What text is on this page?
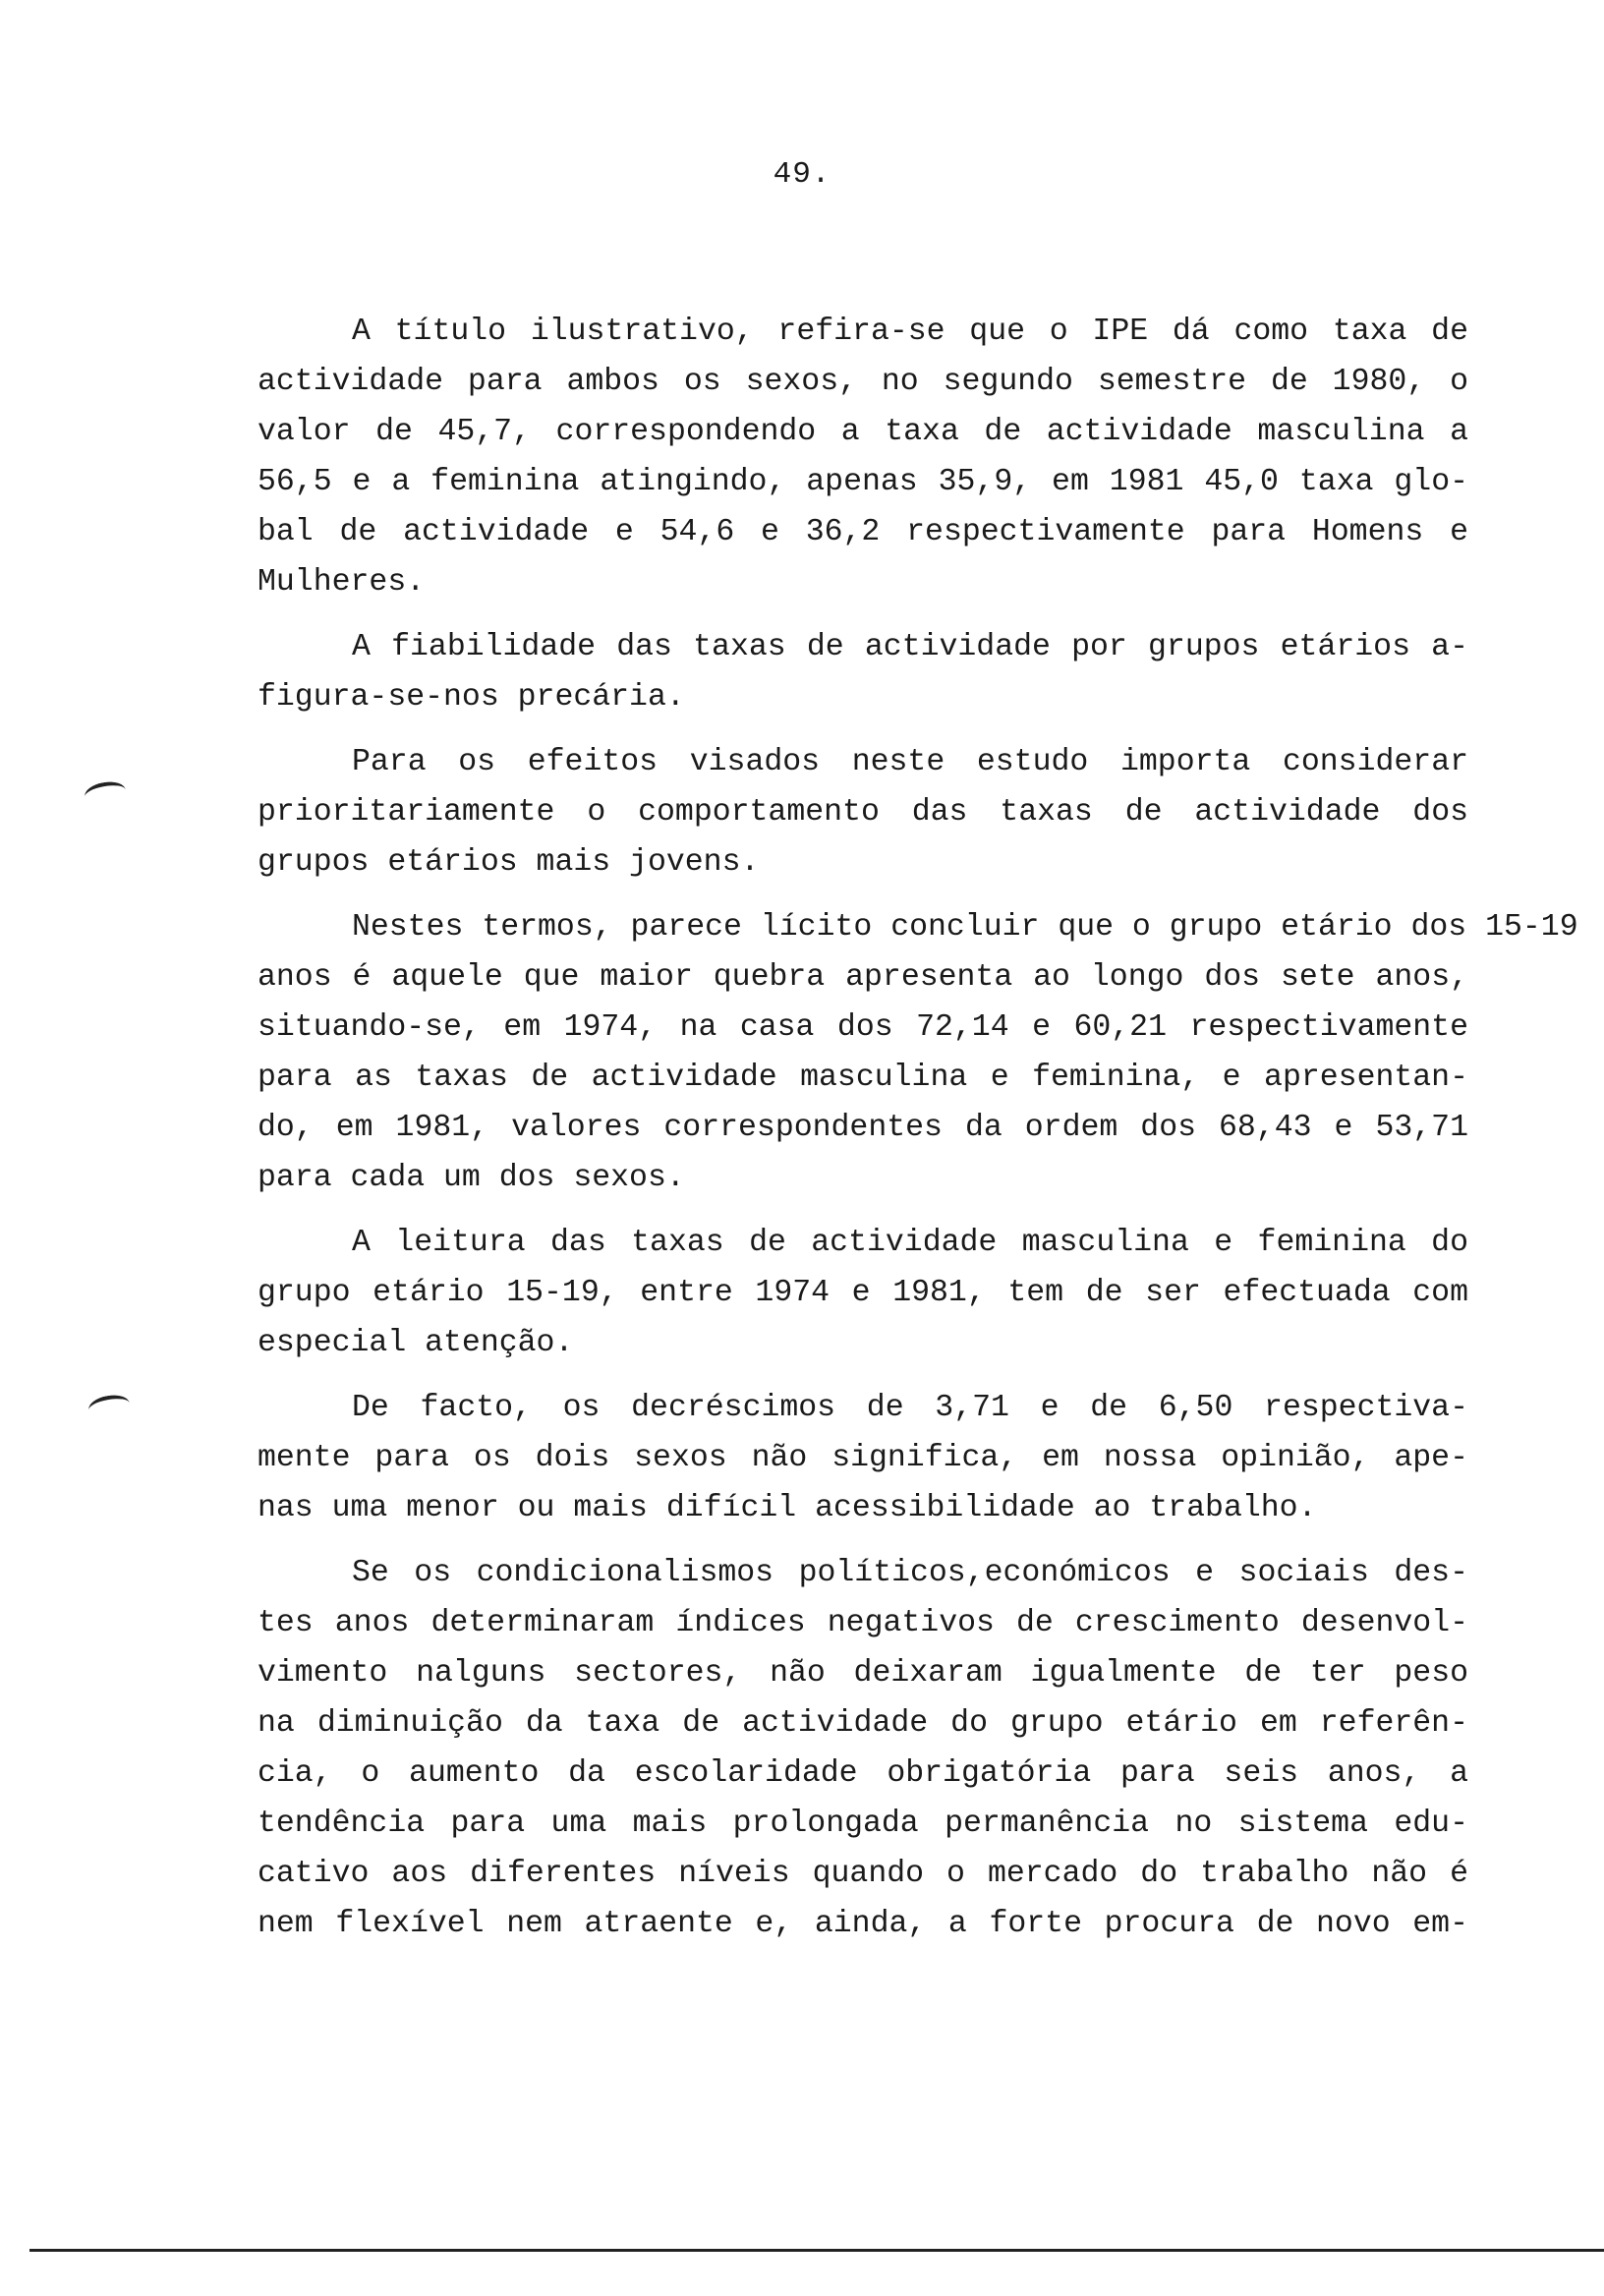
49.

A título ilustrativo, refira-se que o IPE dá como taxa de
actividade para ambos os sexos, no segundo semestre de 1980, o
valor de 45,7, correspondendo a taxa de actividade masculina a
56,5 e a feminina atingindo, apenas 35,9, em 1981 45,0 taxa glo-
bal de actividade e 54,6 e 36,2 respectivamente para Homens e
Mulheres.

A fiabilidade das taxas de actividade por grupos etários a-
figura-se-nos precária.

Para os efeitos visados neste estudo importa considerar
prioritariamente o comportamento das taxas de actividade dos
grupos etários mais jovens.

Nestes termos, parece lícito concluir que o grupo etário dos 15-19
anos é aquele que maior quebra apresenta ao longo dos sete anos,
situando-se, em 1974, na casa dos 72,14 e 60,21 respectivamente
para as taxas de actividade masculina e feminina, e apresentan-
do, em 1981, valores correspondentes da ordem dos 68,43 e 53,71
para cada um dos sexos.

A leitura das taxas de actividade masculina e feminina do
grupo etário 15-19, entre 1974 e 1981, tem de ser efectuada com
especial atenção.

De facto, os decréscimos de 3,71 e de 6,50 respectiva-
mente para os dois sexos não significa, em nossa opinião, ape-
nas uma menor ou mais difícil acessibilidade ao trabalho.

Se os condicionalismos políticos,económicos e sociais des-
tes anos determinaram índices negativos de crescimento desenvol-
vimento nalguns sectores, não deixaram igualmente de ter peso
na diminuição da taxa de actividade do grupo etário em referên-
cia, o aumento da escolaridade obrigatória para seis anos, a
tendência para uma mais prolongada permanência no sistema edu-
cativo aos diferentes níveis quando o mercado do trabalho não é
nem flexível nem atraente e, ainda, a forte procura de novo em-
